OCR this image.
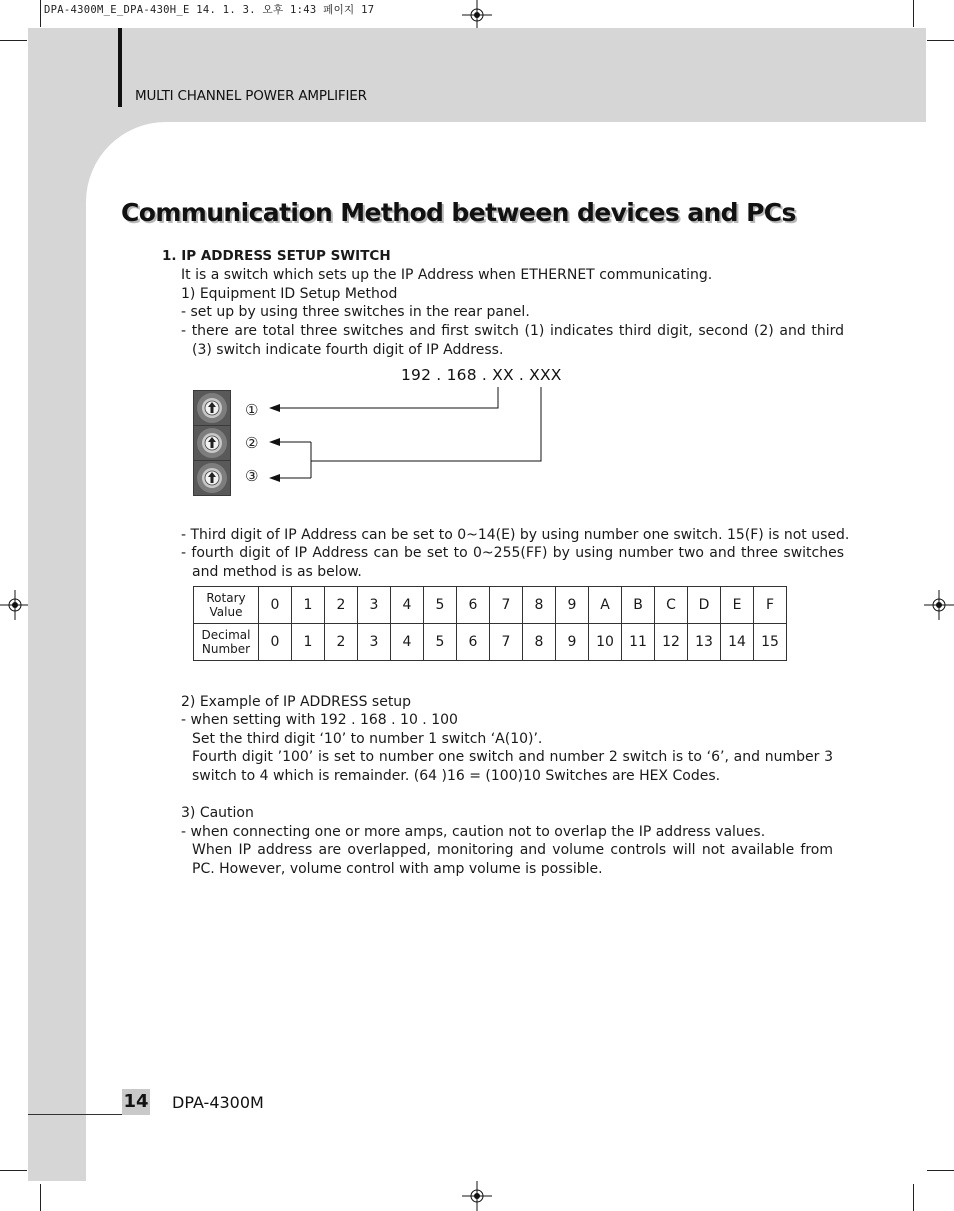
DPA-4300M_E_DPA-430H_E 14. 1. 3. 오후 1:43 페이지 17
MULTI CHANNEL POWER AMPLIFIER
Communication Method between devices and PCs
1. IP ADDRESS SETUP SWITCH
It is a switch which sets up the IP Address when ETHERNET communicating.
1) Equipment ID Setup Method
- set up by using three switches in the rear panel.
- there are total three switches and first switch (1) indicates third digit, second (2) and third (3) switch indicate fourth digit of IP Address.
192 . 168 . XX . XXX
①
②
③
- Third digit of IP Address can be set to 0~14(E) by using number one switch. 15(F) is not used.
- fourth digit of IP Address can be set to 0~255(FF) by using number two and three switches and method is as below.
Rotary
Value	0	1	2	3	4	5	6	7	8	9	A	B	C	D	E	F
Decimal
Number	0	1	2	3	4	5	6	7	8	9	10	11	12	13	14	15
2) Example of IP ADDRESS setup
- when setting with 192 . 168 . 10 . 100
Set the third digit ‘10’ to number 1 switch ‘A(10)’.
Fourth digit ’100’ is set to number one switch and number 2 switch is to ‘6’, and number 3 switch to 4 which is remainder. (64 )16 = (100)10 Switches are HEX Codes.
3) Caution
- when connecting one or more amps, caution not to overlap the IP address values.
When IP address are overlapped, monitoring and volume controls will not available from PC. However, volume control with amp volume is possible.
14 DPA-4300M
